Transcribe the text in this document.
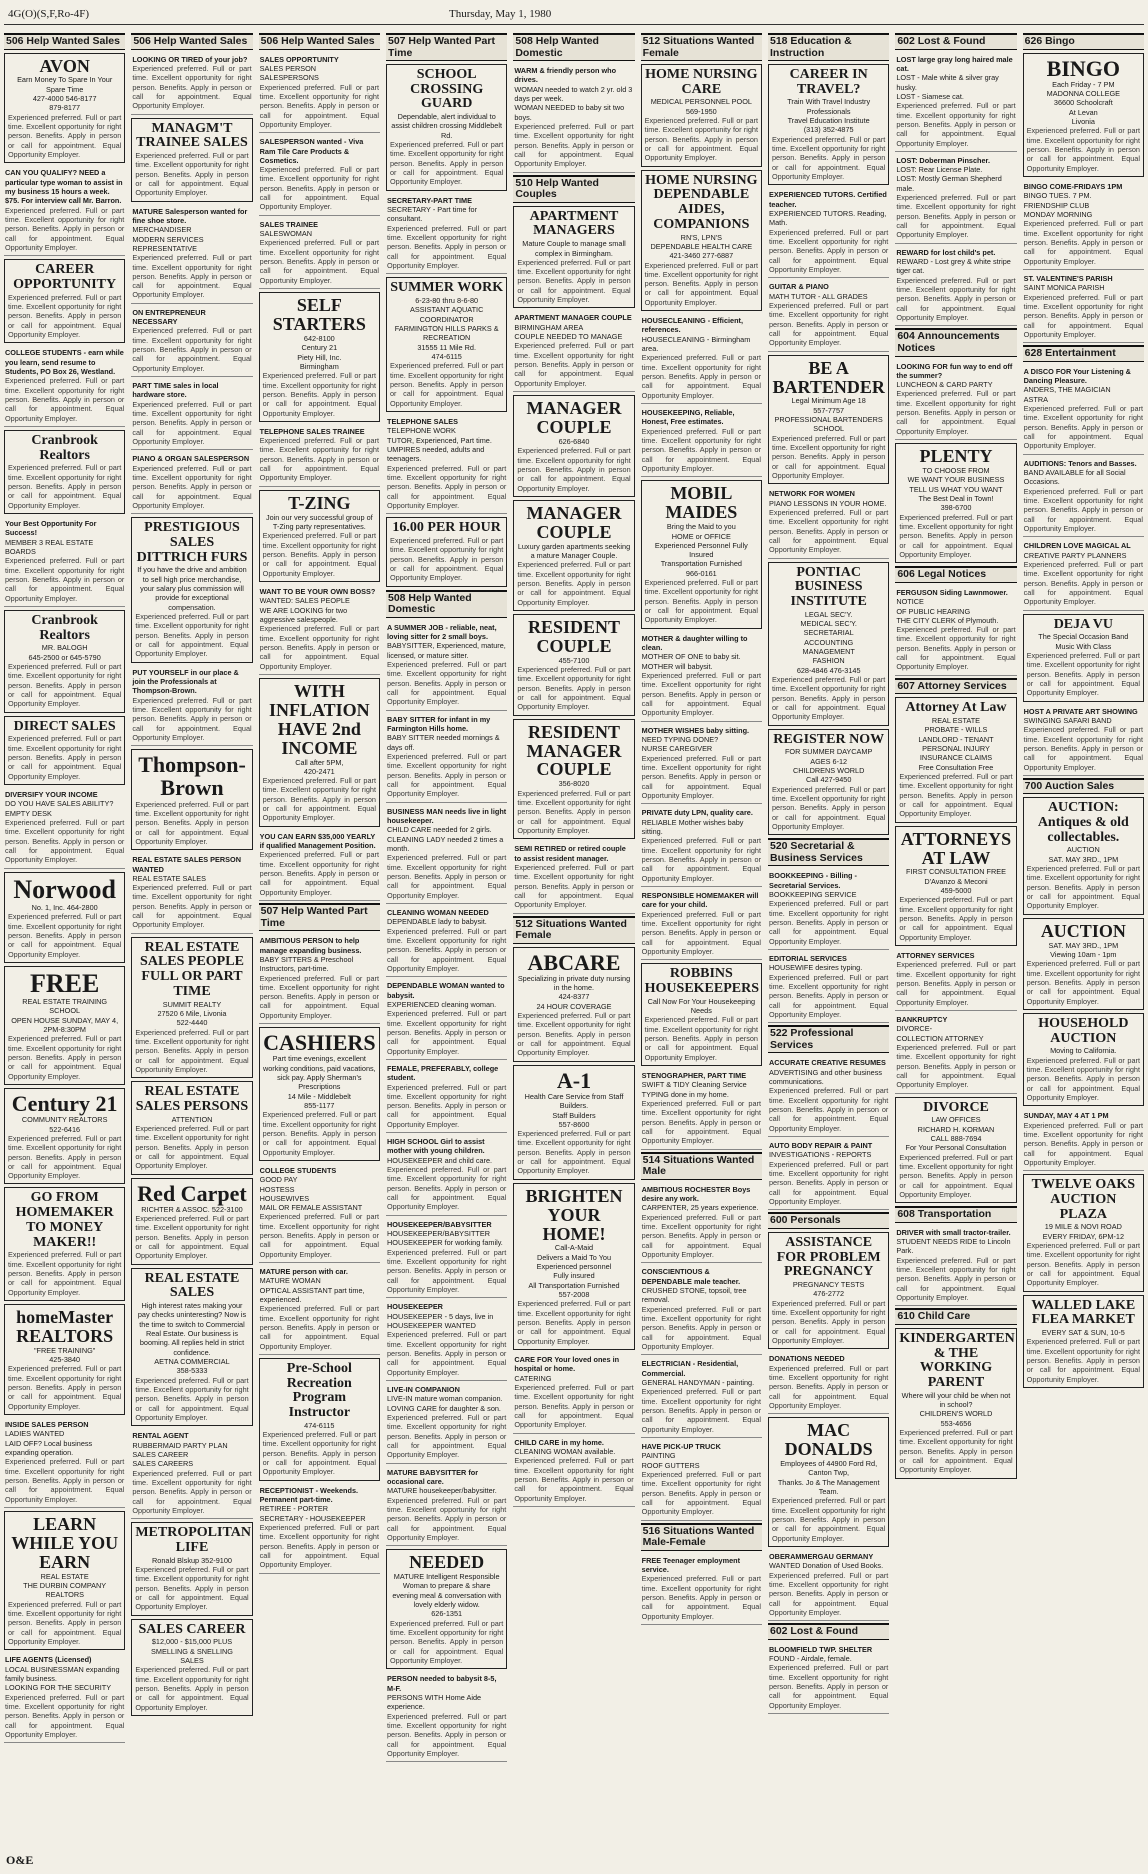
4G(O)(S,F,Ro-4F)	Thursday, May 1, 1980
506 Help Wanted Sales
AVON
Earn Money To Spare In Your Spare Time
427-4000 546-8177
879-8177
Experienced preferred. Full or part time. Excellent opportunity for right person. Benefits. Apply in person or call for appointment. Equal Opportunity Employer.
CAN YOU QUALIFY? NEED a particular type woman to assist in my business 15 hours a week. $75. For interview call Mr. Barron.
Experienced preferred. Full or part time. Excellent opportunity for right person. Benefits. Apply in person or call for appointment. Equal Opportunity Employer.
CAREER OPPORTUNITY
Experienced preferred. Full or part time. Excellent opportunity for right person. Benefits. Apply in person or call for appointment. Equal Opportunity Employer.
COLLEGE STUDENTS - earn while you learn, send resume to Students, PO Box 26, Westland.
Experienced preferred. Full or part time. Excellent opportunity for right person. Benefits. Apply in person or call for appointment. Equal Opportunity Employer.
Cranbrook Realtors
Experienced preferred. Full or part time. Excellent opportunity for right person. Benefits. Apply in person or call for appointment. Equal Opportunity Employer.
Your Best Opportunity For Success!
MEMBER 3 REAL ESTATE BOARDS
Experienced preferred. Full or part time. Excellent opportunity for right person. Benefits. Apply in person or call for appointment. Equal Opportunity Employer.
Cranbrook Realtors
MR. BALOGH
645-2500 or 645-5790
Experienced preferred. Full or part time. Excellent opportunity for right person. Benefits. Apply in person or call for appointment. Equal Opportunity Employer.
DIRECT SALES
Experienced preferred. Full or part time. Excellent opportunity for right person. Benefits. Apply in person or call for appointment. Equal Opportunity Employer.
DIVERSIFY YOUR INCOME
DO YOU HAVE SALES ABILITY?
EMPTY DESK
Experienced preferred. Full or part time. Excellent opportunity for right person. Benefits. Apply in person or call for appointment. Equal Opportunity Employer.
Norwood
No. 1, Inc. 464-2800
Experienced preferred. Full or part time. Excellent opportunity for right person. Benefits. Apply in person or call for appointment. Equal Opportunity Employer.
FREE
REAL ESTATE TRAINING SCHOOL
OPEN HOUSE SUNDAY, MAY 4, 2PM-8:30PM
Experienced preferred. Full or part time. Excellent opportunity for right person. Benefits. Apply in person or call for appointment. Equal Opportunity Employer.
Century 21
COMMUNITY REALTORS
522-6416
Experienced preferred. Full or part time. Excellent opportunity for right person. Benefits. Apply in person or call for appointment. Equal Opportunity Employer.
GO FROM HOMEMAKER TO MONEY MAKER!!
Experienced preferred. Full or part time. Excellent opportunity for right person. Benefits. Apply in person or call for appointment. Equal Opportunity Employer.
homeMaster REALTORS
"FREE TRAINING"
425-3840
Experienced preferred. Full or part time. Excellent opportunity for right person. Benefits. Apply in person or call for appointment. Equal Opportunity Employer.
INSIDE SALES PERSON
LADIES WANTED
LAID OFF? Local business expanding operation.
Experienced preferred. Full or part time. Excellent opportunity for right person. Benefits. Apply in person or call for appointment. Equal Opportunity Employer.
LEARN WHILE YOU EARN
REAL ESTATE
THE DURBIN COMPANY REALTORS
Experienced preferred. Full or part time. Excellent opportunity for right person. Benefits. Apply in person or call for appointment. Equal Opportunity Employer.
LIFE AGENTS (Licensed)
LOCAL BUSINESSMAN expanding family business.
LOOKING FOR THE SECURITY
Experienced preferred. Full or part time. Excellent opportunity for right person. Benefits. Apply in person or call for appointment. Equal Opportunity Employer.
506 Help Wanted Sales
LOOKING OR TIRED of your job?
Experienced preferred. Full or part time. Excellent opportunity for right person. Benefits. Apply in person or call for appointment. Equal Opportunity Employer.
MANAGM'T TRAINEE SALES
Experienced preferred. Full or part time. Excellent opportunity for right person. Benefits. Apply in person or call for appointment. Equal Opportunity Employer.
MATURE Salesperson wanted for fine shoe store.
MERCHANDISER
MODERN SERVICES REPRESENTATIVE
Experienced preferred. Full or part time. Excellent opportunity for right person. Benefits. Apply in person or call for appointment. Equal Opportunity Employer.
ON ENTREPRENEUR NECESSARY
Experienced preferred. Full or part time. Excellent opportunity for right person. Benefits. Apply in person or call for appointment. Equal Opportunity Employer.
PART TIME sales in local hardware store.
Experienced preferred. Full or part time. Excellent opportunity for right person. Benefits. Apply in person or call for appointment. Equal Opportunity Employer.
PIANO & ORGAN SALESPERSON
Experienced preferred. Full or part time. Excellent opportunity for right person. Benefits. Apply in person or call for appointment. Equal Opportunity Employer.
PRESTIGIOUS SALES DITTRICH FURS
If you have the drive and ambition to sell high price merchandise, your salary plus commission will provide for exceptional compensation.
Experienced preferred. Full or part time. Excellent opportunity for right person. Benefits. Apply in person or call for appointment. Equal Opportunity Employer.
PUT YOURSELF in our place & join the Professionals at Thompson-Brown.
Experienced preferred. Full or part time. Excellent opportunity for right person. Benefits. Apply in person or call for appointment. Equal Opportunity Employer.
Thompson-Brown
Experienced preferred. Full or part time. Excellent opportunity for right person. Benefits. Apply in person or call for appointment. Equal Opportunity Employer.
REAL ESTATE SALES PERSON WANTED
REAL ESTATE SALES
Experienced preferred. Full or part time. Excellent opportunity for right person. Benefits. Apply in person or call for appointment. Equal Opportunity Employer.
REAL ESTATE SALES PEOPLE FULL OR PART TIME
SUMMIT REALTY
27520 6 Mile, Livonia
522-4440
Experienced preferred. Full or part time. Excellent opportunity for right person. Benefits. Apply in person or call for appointment. Equal Opportunity Employer.
REAL ESTATE SALES PERSONS
ATTENTION
Experienced preferred. Full or part time. Excellent opportunity for right person. Benefits. Apply in person or call for appointment. Equal Opportunity Employer.
Red Carpet
RICHTER & ASSOC. 522-3100
Experienced preferred. Full or part time. Excellent opportunity for right person. Benefits. Apply in person or call for appointment. Equal Opportunity Employer.
REAL ESTATE SALES
High interest rates making your pay checks uninteresting? Now is the time to switch to Commercial Real Estate. Our business is booming. All replies held in strict confidence.
AETNA COMMERCIAL
358-5333
Experienced preferred. Full or part time. Excellent opportunity for right person. Benefits. Apply in person or call for appointment. Equal Opportunity Employer.
RENTAL AGENT
RUBBERMAID PARTY PLAN
SALES CAREER
SALES CAREERS
Experienced preferred. Full or part time. Excellent opportunity for right person. Benefits. Apply in person or call for appointment. Equal Opportunity Employer.
METROPOLITAN LIFE
Ronald Blskup 352-9100
Experienced preferred. Full or part time. Excellent opportunity for right person. Benefits. Apply in person or call for appointment. Equal Opportunity Employer.
SALES CAREER
$12,000 - $15,000 PLUS
SMELLING & SNELLING
SALES
Experienced preferred. Full or part time. Excellent opportunity for right person. Benefits. Apply in person or call for appointment. Equal Opportunity Employer.
506 Help Wanted Sales
SALES OPPORTUNITY
SALES PERSON
SALESPERSONS
Experienced preferred. Full or part time. Excellent opportunity for right person. Benefits. Apply in person or call for appointment. Equal Opportunity Employer.
SALESPERSON wanted - Viva Ram Tile Care Products & Cosmetics.
Experienced preferred. Full or part time. Excellent opportunity for right person. Benefits. Apply in person or call for appointment. Equal Opportunity Employer.
SALES TRAINEE
SALESWOMAN
Experienced preferred. Full or part time. Excellent opportunity for right person. Benefits. Apply in person or call for appointment. Equal Opportunity Employer.
SELF STARTERS
642-8100
Century 21
Piety Hill, Inc.
Birmingham
Experienced preferred. Full or part time. Excellent opportunity for right person. Benefits. Apply in person or call for appointment. Equal Opportunity Employer.
TELEPHONE SALES TRAINEE
Experienced preferred. Full or part time. Excellent opportunity for right person. Benefits. Apply in person or call for appointment. Equal Opportunity Employer.
T-ZING
Join our very successful group of T-Zing party representatives.
Experienced preferred. Full or part time. Excellent opportunity for right person. Benefits. Apply in person or call for appointment. Equal Opportunity Employer.
WANT TO BE YOUR OWN BOSS?
WANTED: SALES PEOPLE
WE ARE LOOKING for two aggressive salespeople.
Experienced preferred. Full or part time. Excellent opportunity for right person. Benefits. Apply in person or call for appointment. Equal Opportunity Employer.
WITH INFLATION HAVE 2nd INCOME
Call after 5PM,
420-2471
Experienced preferred. Full or part time. Excellent opportunity for right person. Benefits. Apply in person or call for appointment. Equal Opportunity Employer.
YOU CAN EARN $35,000 YEARLY if qualified Management Position.
Experienced preferred. Full or part time. Excellent opportunity for right person. Benefits. Apply in person or call for appointment. Equal Opportunity Employer.
507 Help Wanted Part Time
AMBITIOUS PERSON to help manage expanding business.
BABY SITTERS & Preschool Instructors, part-time.
Experienced preferred. Full or part time. Excellent opportunity for right person. Benefits. Apply in person or call for appointment. Equal Opportunity Employer.
CASHIERS
Part time evenings, excellent working conditions, paid vacations, sick pay. Apply Sherman's Prescriptions
14 Mile - Middlebelt
855-1177
Experienced preferred. Full or part time. Excellent opportunity for right person. Benefits. Apply in person or call for appointment. Equal Opportunity Employer.
COLLEGE STUDENTS
GOOD PAY
HOSTESS
HOUSEWIVES
MAIL OR FEMALE ASSISTANT
Experienced preferred. Full or part time. Excellent opportunity for right person. Benefits. Apply in person or call for appointment. Equal Opportunity Employer.
MATURE person with car.
MATURE WOMAN
OPTICAL ASSISTANT part time, experienced.
Experienced preferred. Full or part time. Excellent opportunity for right person. Benefits. Apply in person or call for appointment. Equal Opportunity Employer.
Pre-School Recreation Program Instructor
474-6115
Experienced preferred. Full or part time. Excellent opportunity for right person. Benefits. Apply in person or call for appointment. Equal Opportunity Employer.
RECEPTIONIST - Weekends. Permanent part-time.
RETIREE - PORTER
SECRETARY - HOUSEKEEPER
Experienced preferred. Full or part time. Excellent opportunity for right person. Benefits. Apply in person or call for appointment. Equal Opportunity Employer.
507 Help Wanted Part Time
SCHOOL CROSSING GUARD
Dependable, alert individual to assist children crossing Middlebelt Rd.
Experienced preferred. Full or part time. Excellent opportunity for right person. Benefits. Apply in person or call for appointment. Equal Opportunity Employer.
SECRETARY-PART TIME
SECRETARY - Part time for consultant.
Experienced preferred. Full or part time. Excellent opportunity for right person. Benefits. Apply in person or call for appointment. Equal Opportunity Employer.
SUMMER WORK
6-23-80 thru 8-6-80
ASSISTANT AQUATIC COORDINATOR
FARMINGTON HILLS PARKS & RECREATION
31555 11 Mile Rd.
474-6115
Experienced preferred. Full or part time. Excellent opportunity for right person. Benefits. Apply in person or call for appointment. Equal Opportunity Employer.
TELEPHONE SALES
TELEPHONE WORK
TUTOR, Experienced, Part time.
UMPIRES needed, adults and teenagers.
Experienced preferred. Full or part time. Excellent opportunity for right person. Benefits. Apply in person or call for appointment. Equal Opportunity Employer.
16.00 PER HOUR
Experienced preferred. Full or part time. Excellent opportunity for right person. Benefits. Apply in person or call for appointment. Equal Opportunity Employer.
508 Help Wanted Domestic
A SUMMER JOB - reliable, neat, loving sitter for 2 small boys.
BABYSITTER, Experienced, mature, licensed, or mature sitter.
Experienced preferred. Full or part time. Excellent opportunity for right person. Benefits. Apply in person or call for appointment. Equal Opportunity Employer.
BABY SITTER for infant in my Farmington Hills home.
BABY SITTER needed mornings & days off.
Experienced preferred. Full or part time. Excellent opportunity for right person. Benefits. Apply in person or call for appointment. Equal Opportunity Employer.
BUSINESS MAN needs live in light housekeeper.
CHILD CARE needed for 2 girls.
CLEANING LADY needed 2 times a month.
Experienced preferred. Full or part time. Excellent opportunity for right person. Benefits. Apply in person or call for appointment. Equal Opportunity Employer.
CLEANING WOMAN NEEDED
DEPENDABLE lady to babysit.
Experienced preferred. Full or part time. Excellent opportunity for right person. Benefits. Apply in person or call for appointment. Equal Opportunity Employer.
DEPENDABLE WOMAN wanted to babysit.
EXPERIENCED cleaning woman.
Experienced preferred. Full or part time. Excellent opportunity for right person. Benefits. Apply in person or call for appointment. Equal Opportunity Employer.
FEMALE, PREFERABLY, college student.
Experienced preferred. Full or part time. Excellent opportunity for right person. Benefits. Apply in person or call for appointment. Equal Opportunity Employer.
HIGH SCHOOL Girl to assist mother with young children.
HOUSEKEEPER and child care.
Experienced preferred. Full or part time. Excellent opportunity for right person. Benefits. Apply in person or call for appointment. Equal Opportunity Employer.
HOUSEKEEPER/BABYSITTER
HOUSEKEEPER/BABYSITTER
HOUSEKEEPER for working family.
Experienced preferred. Full or part time. Excellent opportunity for right person. Benefits. Apply in person or call for appointment. Equal Opportunity Employer.
HOUSEKEEPER
HOUSEKEEPER - 5 days, live in
HOUSEKEEPER WANTED
Experienced preferred. Full or part time. Excellent opportunity for right person. Benefits. Apply in person or call for appointment. Equal Opportunity Employer.
LIVE-IN COMPANION
LIVE-IN mature woman companion.
LOVING CARE for daughter & son.
Experienced preferred. Full or part time. Excellent opportunity for right person. Benefits. Apply in person or call for appointment. Equal Opportunity Employer.
MATURE BABYSITTER for occasional care.
MATURE housekeeper/babysitter.
Experienced preferred. Full or part time. Excellent opportunity for right person. Benefits. Apply in person or call for appointment. Equal Opportunity Employer.
NEEDED
MATURE Intelligent Responsible Woman to prepare & share evening meal & conversation with lovely elderly widow.
626-1351
Experienced preferred. Full or part time. Excellent opportunity for right person. Benefits. Apply in person or call for appointment. Equal Opportunity Employer.
PERSON needed to babysit 8-5, M-F.
PERSONS WITH Home Aide experience.
Experienced preferred. Full or part time. Excellent opportunity for right person. Benefits. Apply in person or call for appointment. Equal Opportunity Employer.
508 Help Wanted Domestic
WARM & friendly person who drives.
WOMAN needed to watch 2 yr. old 3 days per week.
WOMAN NEEDED to baby sit two boys.
Experienced preferred. Full or part time. Excellent opportunity for right person. Benefits. Apply in person or call for appointment. Equal Opportunity Employer.
510 Help Wanted Couples
APARTMENT MANAGERS
Mature Couple to manage small complex in Birmingham.
Experienced preferred. Full or part time. Excellent opportunity for right person. Benefits. Apply in person or call for appointment. Equal Opportunity Employer.
APARTMENT MANAGER COUPLE
BIRMINGHAM AREA
COUPLE NEEDED TO MANAGE
Experienced preferred. Full or part time. Excellent opportunity for right person. Benefits. Apply in person or call for appointment. Equal Opportunity Employer.
MANAGER COUPLE
626-6840
Experienced preferred. Full or part time. Excellent opportunity for right person. Benefits. Apply in person or call for appointment. Equal Opportunity Employer.
MANAGER COUPLE
Luxury garden apartments seeking a mature Manager Couple.
Experienced preferred. Full or part time. Excellent opportunity for right person. Benefits. Apply in person or call for appointment. Equal Opportunity Employer.
RESIDENT COUPLE
455-7100
Experienced preferred. Full or part time. Excellent opportunity for right person. Benefits. Apply in person or call for appointment. Equal Opportunity Employer.
RESIDENT MANAGER COUPLE
356-8020
Experienced preferred. Full or part time. Excellent opportunity for right person. Benefits. Apply in person or call for appointment. Equal Opportunity Employer.
SEMI RETIRED or retired couple to assist resident manager.
Experienced preferred. Full or part time. Excellent opportunity for right person. Benefits. Apply in person or call for appointment. Equal Opportunity Employer.
512 Situations Wanted Female
ABCARE
Specializing in private duty nursing in the home.
424-8377
24 HOUR COVERAGE
Experienced preferred. Full or part time. Excellent opportunity for right person. Benefits. Apply in person or call for appointment. Equal Opportunity Employer.
A-1
Health Care Service from Staff Builders.
Staff Builders
557-8600
Experienced preferred. Full or part time. Excellent opportunity for right person. Benefits. Apply in person or call for appointment. Equal Opportunity Employer.
BRIGHTEN YOUR HOME!
Call-A-Maid
Delivers a Maid To You
Experienced personnel
Fully insured
All Transportation Furnished
557-2008
Experienced preferred. Full or part time. Excellent opportunity for right person. Benefits. Apply in person or call for appointment. Equal Opportunity Employer.
CARE FOR Your loved ones in hospital or home.
CATERING
Experienced preferred. Full or part time. Excellent opportunity for right person. Benefits. Apply in person or call for appointment. Equal Opportunity Employer.
CHILD CARE in my home.
CLEANING WOMAN available.
Experienced preferred. Full or part time. Excellent opportunity for right person. Benefits. Apply in person or call for appointment. Equal Opportunity Employer.
512 Situations Wanted Female
HOME NURSING CARE
MEDICAL PERSONNEL POOL
569-1950
Experienced preferred. Full or part time. Excellent opportunity for right person. Benefits. Apply in person or call for appointment. Equal Opportunity Employer.
HOME NURSING DEPENDABLE AIDES, COMPANIONS
RN'S, LPN'S
DEPENDABLE HEALTH CARE
421-3460 277-6887
Experienced preferred. Full or part time. Excellent opportunity for right person. Benefits. Apply in person or call for appointment. Equal Opportunity Employer.
HOUSECLEANING - Efficient, references.
HOUSECLEANING - Birmingham area.
Experienced preferred. Full or part time. Excellent opportunity for right person. Benefits. Apply in person or call for appointment. Equal Opportunity Employer.
HOUSEKEEPING, Reliable, Honest, Free estimates.
Experienced preferred. Full or part time. Excellent opportunity for right person. Benefits. Apply in person or call for appointment. Equal Opportunity Employer.
MOBIL MAIDES
Bring the Maid to you
HOME or OFFICE
Experienced Personnel Fully Insured
Transportation Furnished
966-0161
Experienced preferred. Full or part time. Excellent opportunity for right person. Benefits. Apply in person or call for appointment. Equal Opportunity Employer.
MOTHER & daughter willing to clean.
MOTHER OF ONE to baby sit.
MOTHER will babysit.
Experienced preferred. Full or part time. Excellent opportunity for right person. Benefits. Apply in person or call for appointment. Equal Opportunity Employer.
MOTHER WISHES baby sitting.
NEED TYPING DONE?
NURSE CAREGIVER
Experienced preferred. Full or part time. Excellent opportunity for right person. Benefits. Apply in person or call for appointment. Equal Opportunity Employer.
PRIVATE duty LPN, quality care.
RELIABLE Mother wishes baby sitting.
Experienced preferred. Full or part time. Excellent opportunity for right person. Benefits. Apply in person or call for appointment. Equal Opportunity Employer.
RESPONSIBLE HOMEMAKER will care for your child.
Experienced preferred. Full or part time. Excellent opportunity for right person. Benefits. Apply in person or call for appointment. Equal Opportunity Employer.
ROBBINS HOUSEKEEPERS
Call Now For Your Housekeeping Needs
Experienced preferred. Full or part time. Excellent opportunity for right person. Benefits. Apply in person or call for appointment. Equal Opportunity Employer.
STENOGRAPHER, PART TIME
SWIFT & TIDY Cleaning Service
TYPING done in my home.
Experienced preferred. Full or part time. Excellent opportunity for right person. Benefits. Apply in person or call for appointment. Equal Opportunity Employer.
514 Situations Wanted Male
AMBITIOUS ROCHESTER Boys desire any work.
CARPENTER, 25 years experience.
Experienced preferred. Full or part time. Excellent opportunity for right person. Benefits. Apply in person or call for appointment. Equal Opportunity Employer.
CONSCIENTIOUS & DEPENDABLE male teacher.
CRUSHED STONE, topsoil, tree removal.
Experienced preferred. Full or part time. Excellent opportunity for right person. Benefits. Apply in person or call for appointment. Equal Opportunity Employer.
ELECTRICIAN - Residential, Commercial.
GENERAL HANDYMAN - painting.
Experienced preferred. Full or part time. Excellent opportunity for right person. Benefits. Apply in person or call for appointment. Equal Opportunity Employer.
HAVE PICK-UP TRUCK
PAINTING
ROOF GUTTERS
Experienced preferred. Full or part time. Excellent opportunity for right person. Benefits. Apply in person or call for appointment. Equal Opportunity Employer.
516 Situations Wanted Male-Female
FREE Teenager employment service.
Experienced preferred. Full or part time. Excellent opportunity for right person. Benefits. Apply in person or call for appointment. Equal Opportunity Employer.
518 Education & Instruction
CAREER IN TRAVEL?
Train With Travel Industry Professionals
Travel Education Institute
(313) 352-4875
Experienced preferred. Full or part time. Excellent opportunity for right person. Benefits. Apply in person or call for appointment. Equal Opportunity Employer.
EXPERIENCED TUTORS. Certified teacher.
EXPERIENCED TUTORS. Reading, Math.
Experienced preferred. Full or part time. Excellent opportunity for right person. Benefits. Apply in person or call for appointment. Equal Opportunity Employer.
GUITAR & PIANO
MATH TUTOR - ALL GRADES
Experienced preferred. Full or part time. Excellent opportunity for right person. Benefits. Apply in person or call for appointment. Equal Opportunity Employer.
BE A BARTENDER
Legal Minimum Age 18
557-7757
PROFESSIONAL BARTENDERS SCHOOL
Experienced preferred. Full or part time. Excellent opportunity for right person. Benefits. Apply in person or call for appointment. Equal Opportunity Employer.
NETWORK FOR WOMEN
PIANO LESSONS IN YOUR HOME.
Experienced preferred. Full or part time. Excellent opportunity for right person. Benefits. Apply in person or call for appointment. Equal Opportunity Employer.
PONTIAC BUSINESS INSTITUTE
LEGAL SEC'Y.
MEDICAL SEC'Y.
SECRETARIAL
ACCOUNTING
MANAGEMENT
FASHION
628-4846 476-3145
Experienced preferred. Full or part time. Excellent opportunity for right person. Benefits. Apply in person or call for appointment. Equal Opportunity Employer.
REGISTER NOW
FOR SUMMER DAYCAMP
AGES 6-12
CHILDRENS WORLD
Call 427-9450
Experienced preferred. Full or part time. Excellent opportunity for right person. Benefits. Apply in person or call for appointment. Equal Opportunity Employer.
520 Secretarial & Business Services
BOOKKEEPING - Billing - Secretarial Services.
BOOKKEEPING SERVICE
Experienced preferred. Full or part time. Excellent opportunity for right person. Benefits. Apply in person or call for appointment. Equal Opportunity Employer.
EDITORIAL SERVICES
HOUSEWIFE desires typing.
Experienced preferred. Full or part time. Excellent opportunity for right person. Benefits. Apply in person or call for appointment. Equal Opportunity Employer.
522 Professional Services
ACCURATE CREATIVE RESUMES
ADVERTISING and other business communications.
Experienced preferred. Full or part time. Excellent opportunity for right person. Benefits. Apply in person or call for appointment. Equal Opportunity Employer.
AUTO BODY REPAIR & PAINT
INVESTIGATIONS - REPORTS
Experienced preferred. Full or part time. Excellent opportunity for right person. Benefits. Apply in person or call for appointment. Equal Opportunity Employer.
600 Personals
ASSISTANCE FOR PROBLEM PREGNANCY
PREGNANCY TESTS
476-2772
Experienced preferred. Full or part time. Excellent opportunity for right person. Benefits. Apply in person or call for appointment. Equal Opportunity Employer.
DONATIONS NEEDED
Experienced preferred. Full or part time. Excellent opportunity for right person. Benefits. Apply in person or call for appointment. Equal Opportunity Employer.
MAC DONALDS
Employees of 44900 Ford Rd, Canton Twp,
Thanks. Jo & The Management Team.
Experienced preferred. Full or part time. Excellent opportunity for right person. Benefits. Apply in person or call for appointment. Equal Opportunity Employer.
OBERAMMERGAU GERMANY
WANTED Donation of Used Books.
Experienced preferred. Full or part time. Excellent opportunity for right person. Benefits. Apply in person or call for appointment. Equal Opportunity Employer.
602 Lost & Found
BLOOMFIELD TWP. SHELTER
FOUND - Airdale, female.
Experienced preferred. Full or part time. Excellent opportunity for right person. Benefits. Apply in person or call for appointment. Equal Opportunity Employer.
602 Lost & Found
LOST large gray long haired male cat.
LOST - Male white & silver gray husky.
LOST - Siamese cat.
Experienced preferred. Full or part time. Excellent opportunity for right person. Benefits. Apply in person or call for appointment. Equal Opportunity Employer.
LOST: Doberman Pinscher.
LOST: Rear License Plate.
LOST: Mostly German Shepherd male.
Experienced preferred. Full or part time. Excellent opportunity for right person. Benefits. Apply in person or call for appointment. Equal Opportunity Employer.
REWARD for lost child's pet.
REWARD - Lost grey & white stripe tiger cat.
Experienced preferred. Full or part time. Excellent opportunity for right person. Benefits. Apply in person or call for appointment. Equal Opportunity Employer.
604 Announcements Notices
LOOKING FOR fun way to end off the summer?
LUNCHEON & CARD PARTY
Experienced preferred. Full or part time. Excellent opportunity for right person. Benefits. Apply in person or call for appointment. Equal Opportunity Employer.
PLENTY
TO CHOOSE FROM
WE WANT YOUR BUSINESS
TELL US WHAT YOU WANT
The Best Deal in Town!
398-6700
Experienced preferred. Full or part time. Excellent opportunity for right person. Benefits. Apply in person or call for appointment. Equal Opportunity Employer.
606 Legal Notices
FERGUSON Siding Lawnmower.
NOTICE
OF PUBLIC HEARING
THE CITY CLERK of Plymouth.
Experienced preferred. Full or part time. Excellent opportunity for right person. Benefits. Apply in person or call for appointment. Equal Opportunity Employer.
607 Attorney Services
Attorney At Law
REAL ESTATE
PROBATE - WILLS
LANDLORD - TENANT
PERSONAL INJURY
INSURANCE CLAIMS
Free Consultation Free
Experienced preferred. Full or part time. Excellent opportunity for right person. Benefits. Apply in person or call for appointment. Equal Opportunity Employer.
ATTORNEYS AT LAW
FIRST CONSULTATION FREE
D'Avanzo & Meconi
459-5000
Experienced preferred. Full or part time. Excellent opportunity for right person. Benefits. Apply in person or call for appointment. Equal Opportunity Employer.
ATTORNEY SERVICES
Experienced preferred. Full or part time. Excellent opportunity for right person. Benefits. Apply in person or call for appointment. Equal Opportunity Employer.
BANKRUPTCY
DIVORCE-
COLLECTION ATTORNEY
Experienced preferred. Full or part time. Excellent opportunity for right person. Benefits. Apply in person or call for appointment. Equal Opportunity Employer.
DIVORCE
LAW OFFICES
RICHARD H. KORMAN
CALL 888-7694
For Your Personal Consultation
Experienced preferred. Full or part time. Excellent opportunity for right person. Benefits. Apply in person or call for appointment. Equal Opportunity Employer.
608 Transportation
DRIVER with small tractor-trailer.
STUDENT NEEDS RIDE to Lincoln Park.
Experienced preferred. Full or part time. Excellent opportunity for right person. Benefits. Apply in person or call for appointment. Equal Opportunity Employer.
610 Child Care
KINDERGARTEN & THE WORKING PARENT
Where will your child be when not in school?
CHILDREN'S WORLD
553-4656
Experienced preferred. Full or part time. Excellent opportunity for right person. Benefits. Apply in person or call for appointment. Equal Opportunity Employer.
626 Bingo
BINGO
Each Friday - 7 PM
MADONNA COLLEGE
36600 Schoolcraft
At Levan
Livonia
Experienced preferred. Full or part time. Excellent opportunity for right person. Benefits. Apply in person or call for appointment. Equal Opportunity Employer.
BINGO COME-FRIDAYS 1PM
BINGO TUES. 7 PM.
FRIENDSHIP CLUB
MONDAY MORNING
Experienced preferred. Full or part time. Excellent opportunity for right person. Benefits. Apply in person or call for appointment. Equal Opportunity Employer.
ST. VALENTINE'S PARISH
SAINT MONICA PARISH
Experienced preferred. Full or part time. Excellent opportunity for right person. Benefits. Apply in person or call for appointment. Equal Opportunity Employer.
628 Entertainment
A DISCO FOR Your Listening & Dancing Pleasure.
ANDERS, THE MAGICIAN
ASTRA
Experienced preferred. Full or part time. Excellent opportunity for right person. Benefits. Apply in person or call for appointment. Equal Opportunity Employer.
AUDITIONS: Tenors and Basses.
BAND AVAILABLE for all Social Occasions.
Experienced preferred. Full or part time. Excellent opportunity for right person. Benefits. Apply in person or call for appointment. Equal Opportunity Employer.
CHILDREN LOVE MAGICAL AL
CREATIVE PARTY PLANNERS
Experienced preferred. Full or part time. Excellent opportunity for right person. Benefits. Apply in person or call for appointment. Equal Opportunity Employer.
DEJA VU
The Special Occasion Band
Music With Class
Experienced preferred. Full or part time. Excellent opportunity for right person. Benefits. Apply in person or call for appointment. Equal Opportunity Employer.
HOST A PRIVATE ART SHOWING
SWINGING SAFARI BAND
Experienced preferred. Full or part time. Excellent opportunity for right person. Benefits. Apply in person or call for appointment. Equal Opportunity Employer.
700 Auction Sales
AUCTION: Antiques & old collectables.
AUCTION
SAT. MAY 3RD., 1PM
Experienced preferred. Full or part time. Excellent opportunity for right person. Benefits. Apply in person or call for appointment. Equal Opportunity Employer.
AUCTION
SAT. MAY 3RD., 1PM
Viewing 10am - 1pm
Experienced preferred. Full or part time. Excellent opportunity for right person. Benefits. Apply in person or call for appointment. Equal Opportunity Employer.
HOUSEHOLD AUCTION
Moving to California.
Experienced preferred. Full or part time. Excellent opportunity for right person. Benefits. Apply in person or call for appointment. Equal Opportunity Employer.
SUNDAY, MAY 4 AT 1 PM
Experienced preferred. Full or part time. Excellent opportunity for right person. Benefits. Apply in person or call for appointment. Equal Opportunity Employer.
TWELVE OAKS AUCTION PLAZA
19 MILE & NOVI ROAD
EVERY FRIDAY, 6PM-12
Experienced preferred. Full or part time. Excellent opportunity for right person. Benefits. Apply in person or call for appointment. Equal Opportunity Employer.
WALLED LAKE FLEA MARKET
EVERY SAT & SUN, 10-5
Experienced preferred. Full or part time. Excellent opportunity for right person. Benefits. Apply in person or call for appointment. Equal Opportunity Employer.
O&E
